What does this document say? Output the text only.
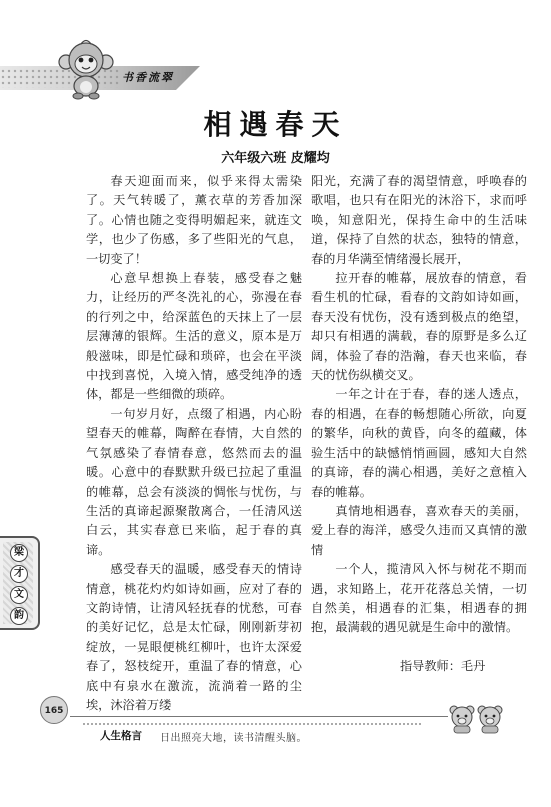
书香流翠
相遇春天
六年级六班 皮耀均

春天迎面而来，似乎来得太需染了。天气转暖了，薰衣草的芳香加深了。心情也随之变得明媚起来，就连文学，也少了伤感，多了些阳光的气息，一切变了！

心意早想换上春装，感受春之魅力，让经历的严冬洗礼的心，弥漫在春的行列之中，给深蓝色的天抹上了一层层薄薄的银辉。生活的意义，原本是万般滋味，即是忙碌和琐碎，也会在平淡中找到喜悦，入境入情，感受纯净的透体，都是一些细微的琐碎。

一句岁月好，点缀了相遇，内心盼望春天的帷幕，陶醉在春情，大自然的气氛感染了春情春意，悠然而去的温暖。心意中的春默默升级已拉起了重温的帷幕，总会有淡淡的惆怅与忧伤，与生活的真谛起源聚散离合，一任清风送白云，其实春意已来临，起于春的真谛。

感受春天的温暖，感受春天的情诗情意，桃花灼灼如诗如画，应对了春的文韵诗情，让清风轻抚春的忧愁，可春的美好记忆，总是太忙碌，刚刚新芽初绽放，一晃眼便桃红柳叶，也许太深爱春了，怒枝绽开，重温了春的情意，心底中有泉水在激流，流淌着一路的尘埃，沐浴着万缕

阳光，充满了春的渴望情意，呼唤春的歌唱，也只有在阳光的沐浴下，求而呼唤，知意阳光，保持生命中的生活味道，保持了自然的状态，独特的情意，春的月华满至情绪漫长展开，

拉开春的帷幕，展放春的情意，看看生机的忙碌，看春的文韵如诗如画，春天没有忧伤，没有透到极点的绝望，却只有相遇的满载，春的原野是多么辽阔，体验了春的浩瀚，春天也来临，春天的忧伤纵横交叉。

一年之计在于春，春的迷人透点，春的相遇，在春的畅想随心所欲，向夏的繁华，向秋的黄昏，向冬的蕴藏，体验生活中的缺憾悄悄画圆，感知大自然的真谛，春的满心相遇，美好之意植入春的帷幕。

真情地相遇春，喜欢春天的美丽，爱上春的海洋，感受久违而又真情的激情

一个人，揽清风入怀与树花不期而遇，求知路上，花开花落总关情，一切自然美，相遇春的汇集，相遇春的拥抱，最满载的遇见就是生命中的激情。

指导教师：毛丹
梁
才
文
韵
165
人生格言 日出照亮大地，读书清醒头脑。
